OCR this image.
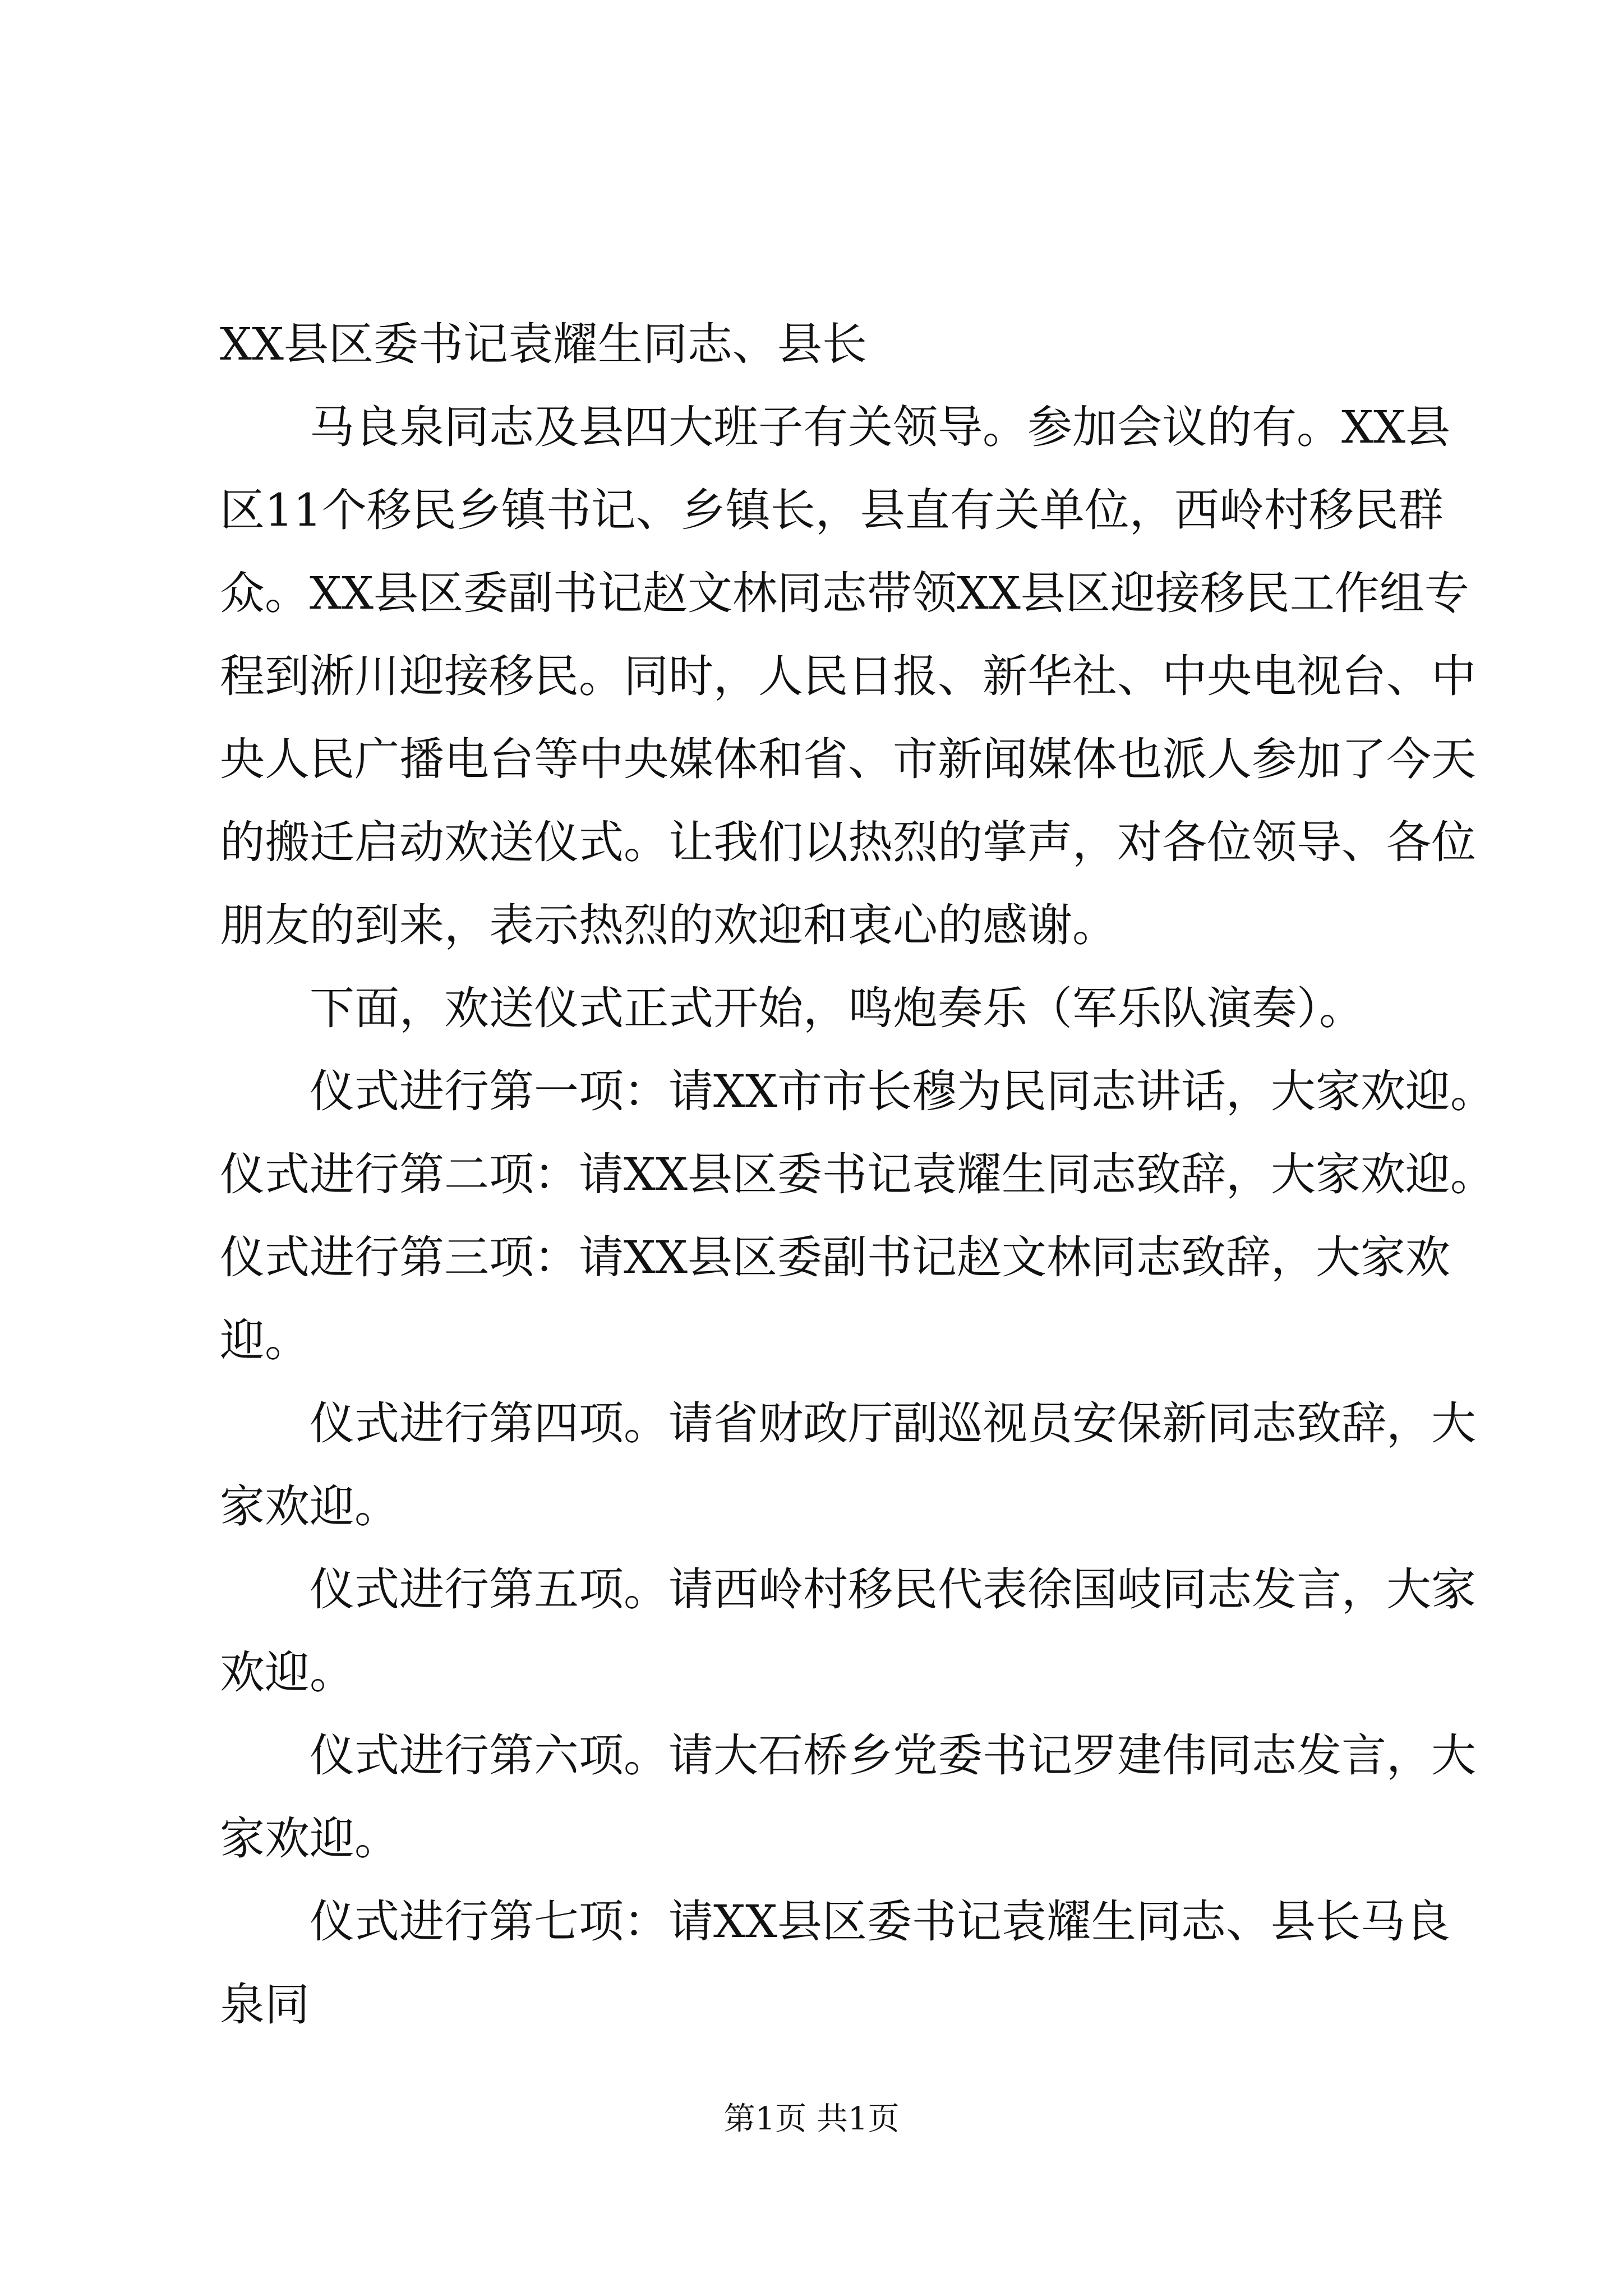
XX县区委书记袁耀生同志、县长
马良泉同志及县四大班子有关领导。参加会议的有。XX县
区11个移民乡镇书记、乡镇长，县直有关单位，西岭村移民群
众。XX县区委副书记赵文林同志带领XX县区迎接移民工作组专
程到淅川迎接移民。同时，人民日报、新华社、中央电视台、中
央人民广播电台等中央媒体和省、市新闻媒体也派人参加了今天
的搬迁启动欢送仪式。让我们以热烈的掌声，对各位领导、各位
朋友的到来，表示热烈的欢迎和衷心的感谢。
下面，欢送仪式正式开始，鸣炮奏乐（军乐队演奏）。
仪式进行第一项：请XX市市长穆为民同志讲话，大家欢迎。
仪式进行第二项：请XX县区委书记袁耀生同志致辞，大家欢迎。
仪式进行第三项：请XX县区委副书记赵文林同志致辞，大家欢
迎。
仪式进行第四项。请省财政厅副巡视员安保新同志致辞，大
家欢迎。
仪式进行第五项。请西岭村移民代表徐国岐同志发言，大家
欢迎。
仪式进行第六项。请大石桥乡党委书记罗建伟同志发言，大
家欢迎。
仪式进行第七项：请XX县区委书记袁耀生同志、县长马良
泉同
第1页 共1页
